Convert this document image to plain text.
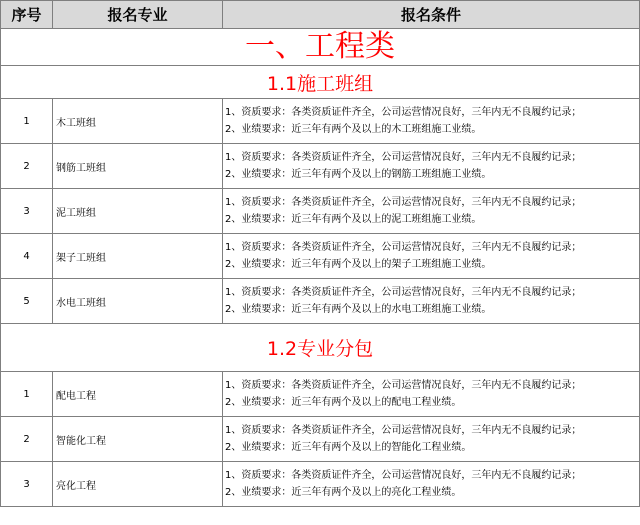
序号	报名专业	报名条件
一、工程类		
1.1施工班组		
1	木工班组	1、资质要求：各类资质证件齐全，公司运营情况良好，三年内无不良履约记录；
2、业绩要求：近三年有两个及以上的木工班组施工业绩。

2	钢筋工班组	1、资质要求：各类资质证件齐全，公司运营情况良好，三年内无不良履约记录；
2、业绩要求：近三年有两个及以上的钢筋工班组施工业绩。

3	泥工班组	1、资质要求：各类资质证件齐全，公司运营情况良好，三年内无不良履约记录；
2、业绩要求：近三年有两个及以上的泥工班组施工业绩。

4	架子工班组	1、资质要求：各类资质证件齐全，公司运营情况良好，三年内无不良履约记录；
2、业绩要求：近三年有两个及以上的架子工班组施工业绩。

5	水电工班组	1、资质要求：各类资质证件齐全，公司运营情况良好，三年内无不良履约记录；
2、业绩要求：近三年有两个及以上的水电工班组施工业绩。

1.2专业分包		
1	配电工程	1、资质要求：各类资质证件齐全，公司运营情况良好，三年内无不良履约记录；
2、业绩要求：近三年有两个及以上的配电工程业绩。

2	智能化工程	1、资质要求：各类资质证件齐全，公司运营情况良好，三年内无不良履约记录；
2、业绩要求：近三年有两个及以上的智能化工程业绩。

3	亮化工程	1、资质要求：各类资质证件齐全，公司运营情况良好，三年内无不良履约记录；
2、业绩要求：近三年有两个及以上的亮化工程业绩。
